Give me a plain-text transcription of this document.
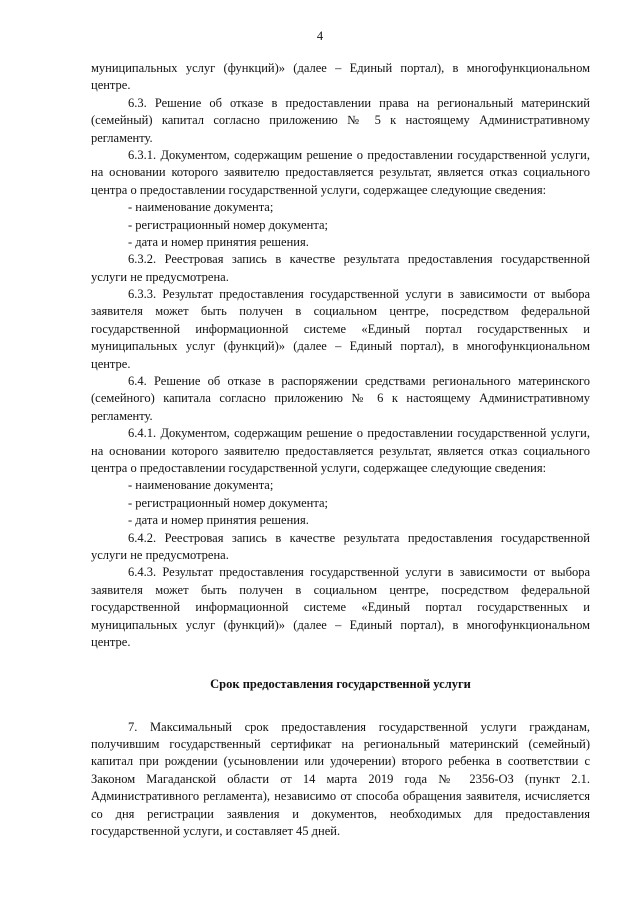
4
муниципальных услуг (функций)» (далее – Единый портал), в многофункциональном
центре.
6.3. Решение об отказе в предоставлении права на региональный материнский
(семейный) капитал согласно приложению № 5 к настоящему Административному
регламенту.
6.3.1. Документом, содержащим решение о предоставлении государственной услуги,
на основании которого заявителю предоставляется результат, является отказ социального
центра о предоставлении государственной услуги, содержащее следующие сведения:
- наименование документа;
- регистрационный номер документа;
- дата и номер принятия решения.
6.3.2. Реестровая запись в качестве результата предоставления государственной
услуги не предусмотрена.
6.3.3. Результат предоставления государственной услуги в зависимости от выбора
заявителя может быть получен в социальном центре, посредством федеральной
государственной информационной системе «Единый портал государственных и
муниципальных услуг (функций)» (далее – Единый портал), в многофункциональном
центре.
6.4. Решение об отказе в распоряжении средствами регионального материнского
(семейного) капитала согласно приложению № 6 к настоящему Административному
регламенту.
6.4.1. Документом, содержащим решение о предоставлении государственной услуги,
на основании которого заявителю предоставляется результат, является отказ социального
центра о предоставлении государственной услуги, содержащее следующие сведения:
- наименование документа;
- регистрационный номер документа;
- дата и номер принятия решения.
6.4.2. Реестровая запись в качестве результата предоставления государственной
услуги не предусмотрена.
6.4.3. Результат предоставления государственной услуги в зависимости от выбора
заявителя может быть получен в социальном центре, посредством федеральной
государственной информационной системе «Единый портал государственных и
муниципальных услуг (функций)» (далее – Единый портал), в многофункциональном
центре.
Срок предоставления государственной услуги
7. Максимальный срок предоставления государственной услуги гражданам,
получившим государственный сертификат на региональный материнский (семейный)
капитал при рождении (усыновлении или удочерении) второго ребенка в соответствии с
Законом Магаданской области от 14 марта 2019 года № 2356-ОЗ (пункт 2.1.
Административного регламента), независимо от способа обращения заявителя, исчисляется
со дня регистрации заявления и документов, необходимых для предоставления
государственной услуги, и составляет 45 дней.
